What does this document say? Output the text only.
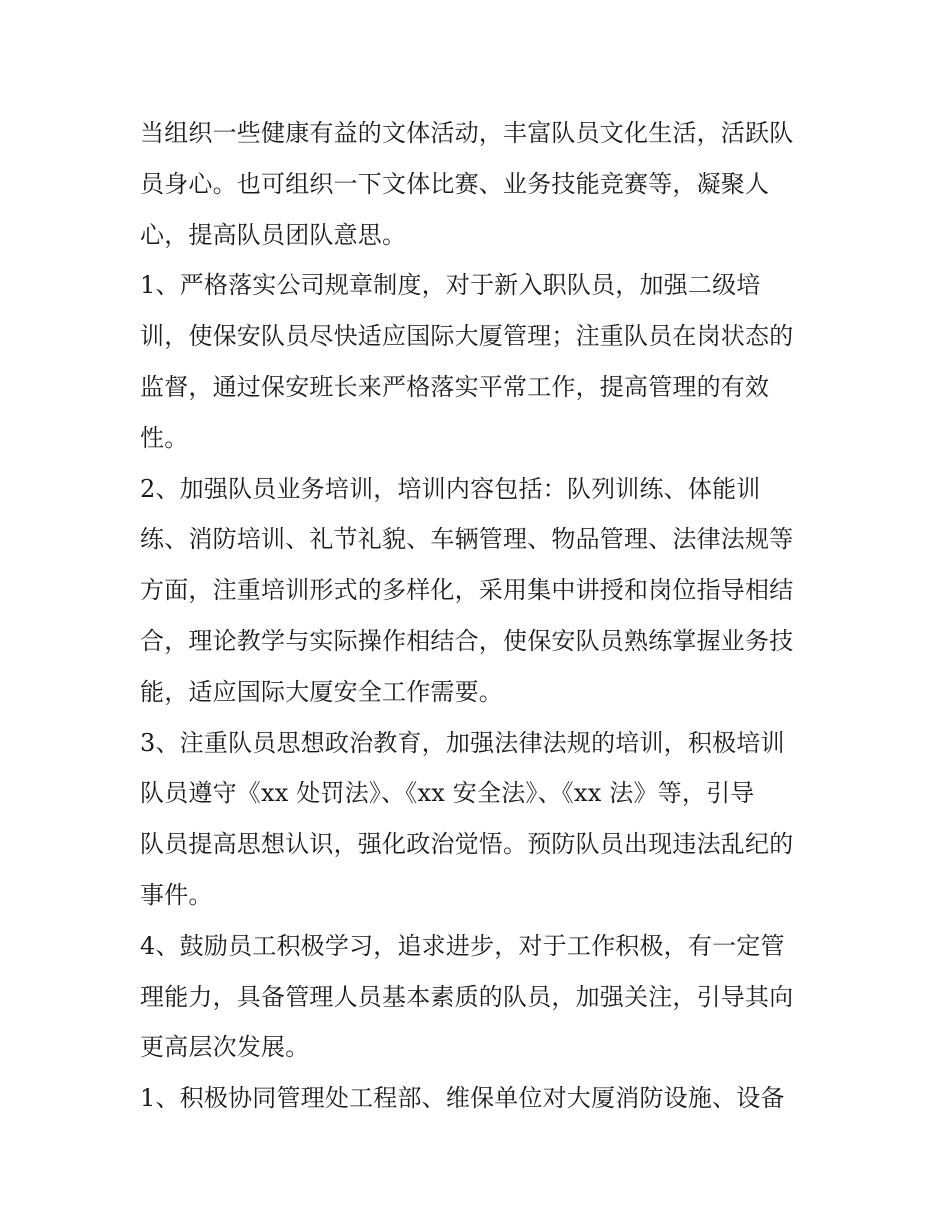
当组织一些健康有益的文体活动，丰富队员文化生活，活跃队
员身心。也可组织一下文体比赛、业务技能竞赛等，凝聚人
心，提高队员团队意思。
1、严格落实公司规章制度，对于新入职队员，加强二级培
训，使保安队员尽快适应国际大厦管理；注重队员在岗状态的
监督，通过保安班长来严格落实平常工作，提高管理的有效
性。
2、加强队员业务培训，培训内容包括：队列训练、体能训
练、消防培训、礼节礼貌、车辆管理、物品管理、法律法规等
方面，注重培训形式的多样化，采用集中讲授和岗位指导相结
合，理论教学与实际操作相结合，使保安队员熟练掌握业务技
能，适应国际大厦安全工作需要。
3、注重队员思想政治教育，加强法律法规的培训，积极培训
队员遵守《xx 处罚法》、《xx 安全法》、《xx 法》等，引导
队员提高思想认识，强化政治觉悟。预防队员出现违法乱纪的
事件。
4、鼓励员工积极学习，追求进步，对于工作积极，有一定管
理能力，具备管理人员基本素质的队员，加强关注，引导其向
更高层次发展。
1、积极协同管理处工程部、维保单位对大厦消防设施、设备
